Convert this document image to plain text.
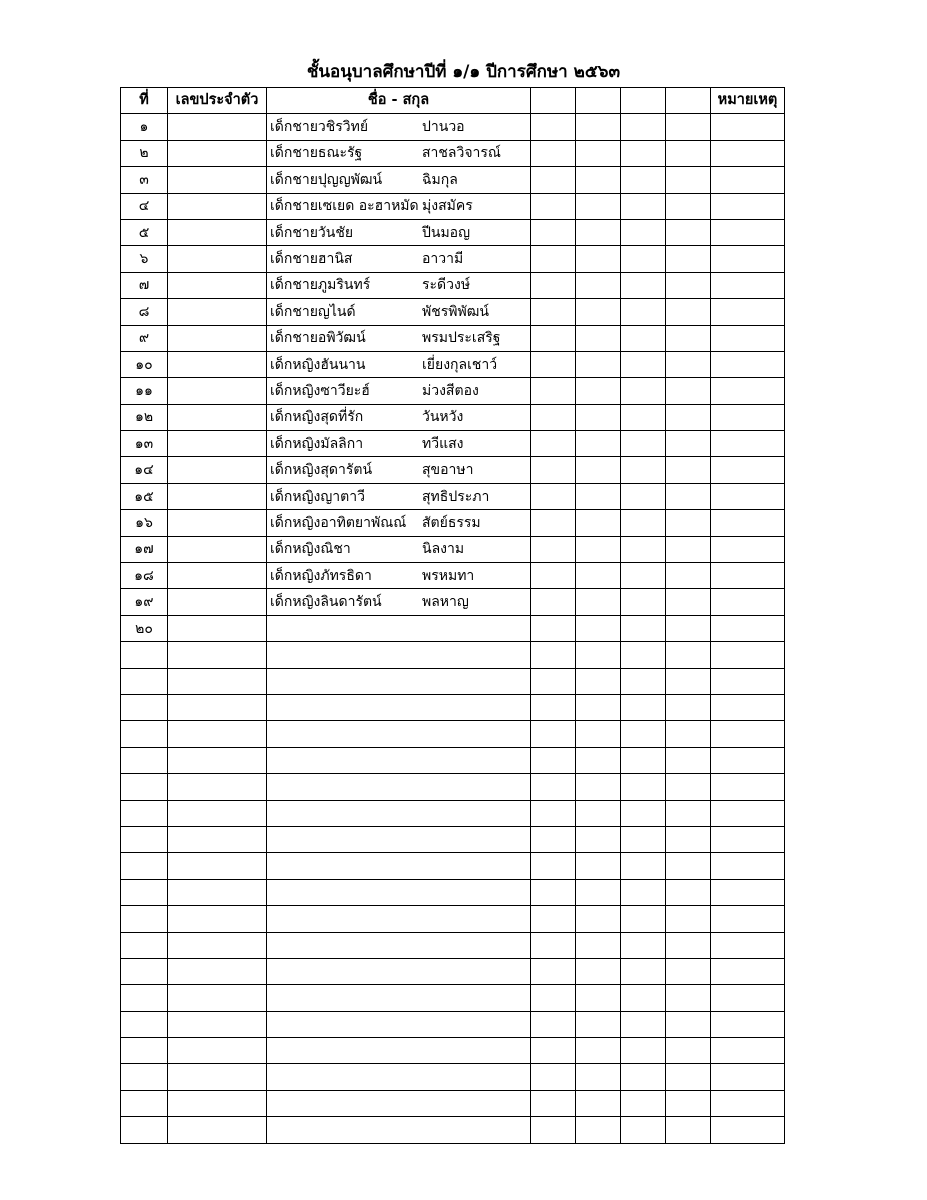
ชั้นอนุบาลศึกษาปีที่ ๑/๑ ปีการศึกษา ๒๕๖๓
ที่	เลขประจำตัว	ชื่อ - สกุล					หมายเหตุ
๑		เด็กชายวชิรวิทย์ ปานวอ					

๒		เด็กชายธณะรัฐ สาชลวิจารณ์					

๓		เด็กชายปุญญพัฒน์ ฉิมกุล					

๔		เด็กชายเซเยด อะฮาหมัด มุ่งสมัคร					

๕		เด็กชายวันชัย ปีนมอญ					

๖		เด็กชายฮานิส อาวามี					

๗		เด็กชายภูมรินทร์ ระดีวงษ์					

๘		เด็กชายญไนด์ พัชรพิพัฒน์					

๙		เด็กชายอพิวัฒน์ พรมประเสริฐ					

๑๐		เด็กหญิงฮันนาน เยี่ยงกุลเชาว์					

๑๑		เด็กหญิงซาวียะฮ์ ม่วงสีตอง					

๑๒		เด็กหญิงสุดที่รัก วันหวัง					

๑๓		เด็กหญิงมัลลิกา ทวีแสง					

๑๔		เด็กหญิงสุดารัตน์ สุขอาษา					

๑๕		เด็กหญิงญาตาวี สุทธิประภา					

๑๖		เด็กหญิงอาทิตยาพัณณ์ สัตย์ธรรม					

๑๗		เด็กหญิงณิชา นิลงาม					

๑๘		เด็กหญิงภัทรธิดา พรหมทา					

๑๙		เด็กหญิงลินดารัตน์ พลหาญ					

๒๐		
